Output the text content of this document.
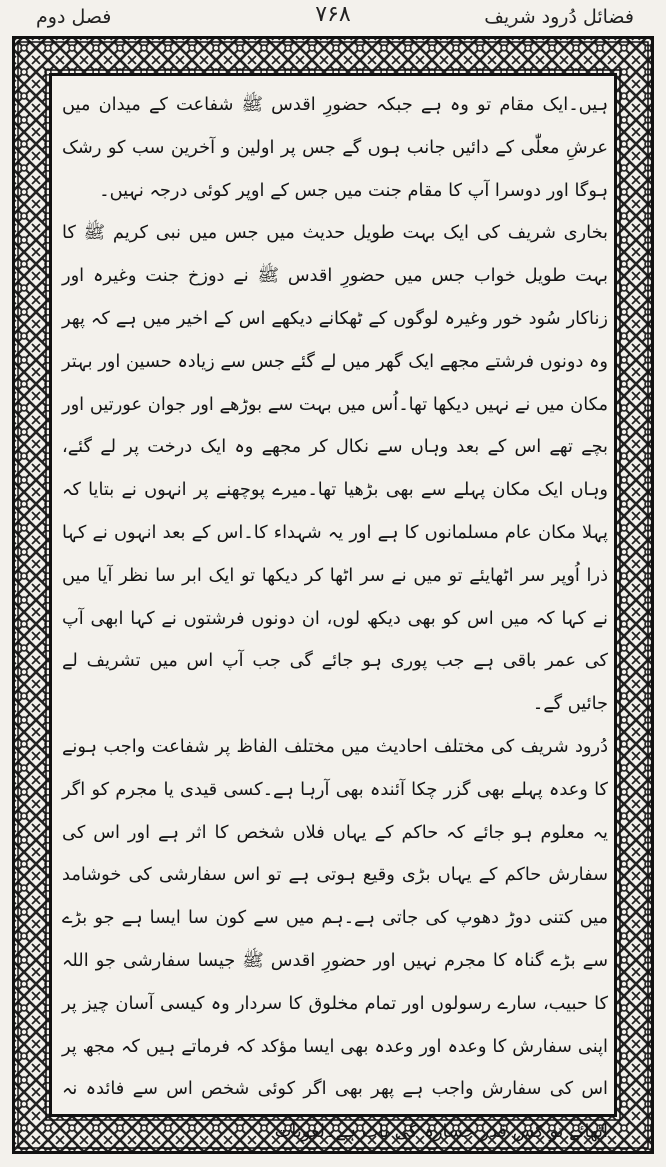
فضائل دُرود شریف
۷۶۸
فصل دوم

ہیں۔ایک مقام تو وہ ہے جبکہ حضورِ اقدس ﷺ شفاعت کے میدان میں عرشِ معلّٰی کے دائیں جانب ہوں گے جس پر اولین و آخرین سب کو رشک ہوگا اور دوسرا آپ کا مقام جنت میں جس کے اوپر کوئی درجہ نہیں۔

بخاری شریف کی ایک بہت طویل حدیث میں جس میں نبی کریم ﷺ کا بہت طویل خواب جس میں حضورِ اقدس ﷺ نے دوزخ جنت وغیرہ اور زناکار سُود خور وغیرہ لوگوں کے ٹھکانے دیکھے اس کے اخیر میں ہے کہ پھر وہ دونوں فرشتے مجھے ایک گھر میں لے گئے جس سے زیادہ حسین اور بہتر مکان میں نے نہیں دیکھا تھا۔اُس میں بہت سے بوڑھے اور جوان عورتیں اور بچے تھے اس کے بعد وہاں سے نکال کر مجھے وہ ایک درخت پر لے گئے، وہاں ایک مکان پہلے سے بھی بڑھیا تھا۔میرے پوچھنے پر انہوں نے بتایا کہ پہلا مکان عام مسلمانوں کا ہے اور یہ شہداء کا۔اس کے بعد انہوں نے کہا ذرا اُوپر سر اٹھایئے تو میں نے سر اٹھا کر دیکھا تو ایک ابر سا نظر آیا میں نے کہا کہ میں اس کو بھی دیکھ لوں، ان دونوں فرشتوں نے کہا ابھی آپ کی عمر باقی ہے جب پوری ہو جائے گی جب آپ اس میں تشریف لے جائیں گے۔

دُرود شریف کی مختلف احادیث میں مختلف الفاظ پر شفاعت واجب ہونے کا وعدہ پہلے بھی گزر چکا آئندہ بھی آرہا ہے۔کسی قیدی یا مجرم کو اگر یہ معلوم ہو جائے کہ حاکم کے یہاں فلاں شخص کا اثر ہے اور اس کی سفارش حاکم کے یہاں بڑی وقیع ہوتی ہے تو اس سفارشی کی خوشامد میں کتنی دوڑ دھوپ کی جاتی ہے۔ہم میں سے کون سا ایسا ہے جو بڑے سے بڑے گناہ کا مجرم نہیں اور حضورِ اقدس ﷺ جیسا سفارشی جو اللہ کا حبیب، سارے رسولوں اور تمام مخلوق کا سردار وہ کیسی آسان چیز پر اپنی سفارش کا وعدہ اور وعدہ بھی ایسا مؤکد کہ فرماتے ہیں کہ مجھ پر اس کی سفارش واجب ہے پھر بھی اگر کوئی شخص اس سے فائدہ نہ اٹھائے تو کس قدر خسارہ کی بات ہے۔لغویات
